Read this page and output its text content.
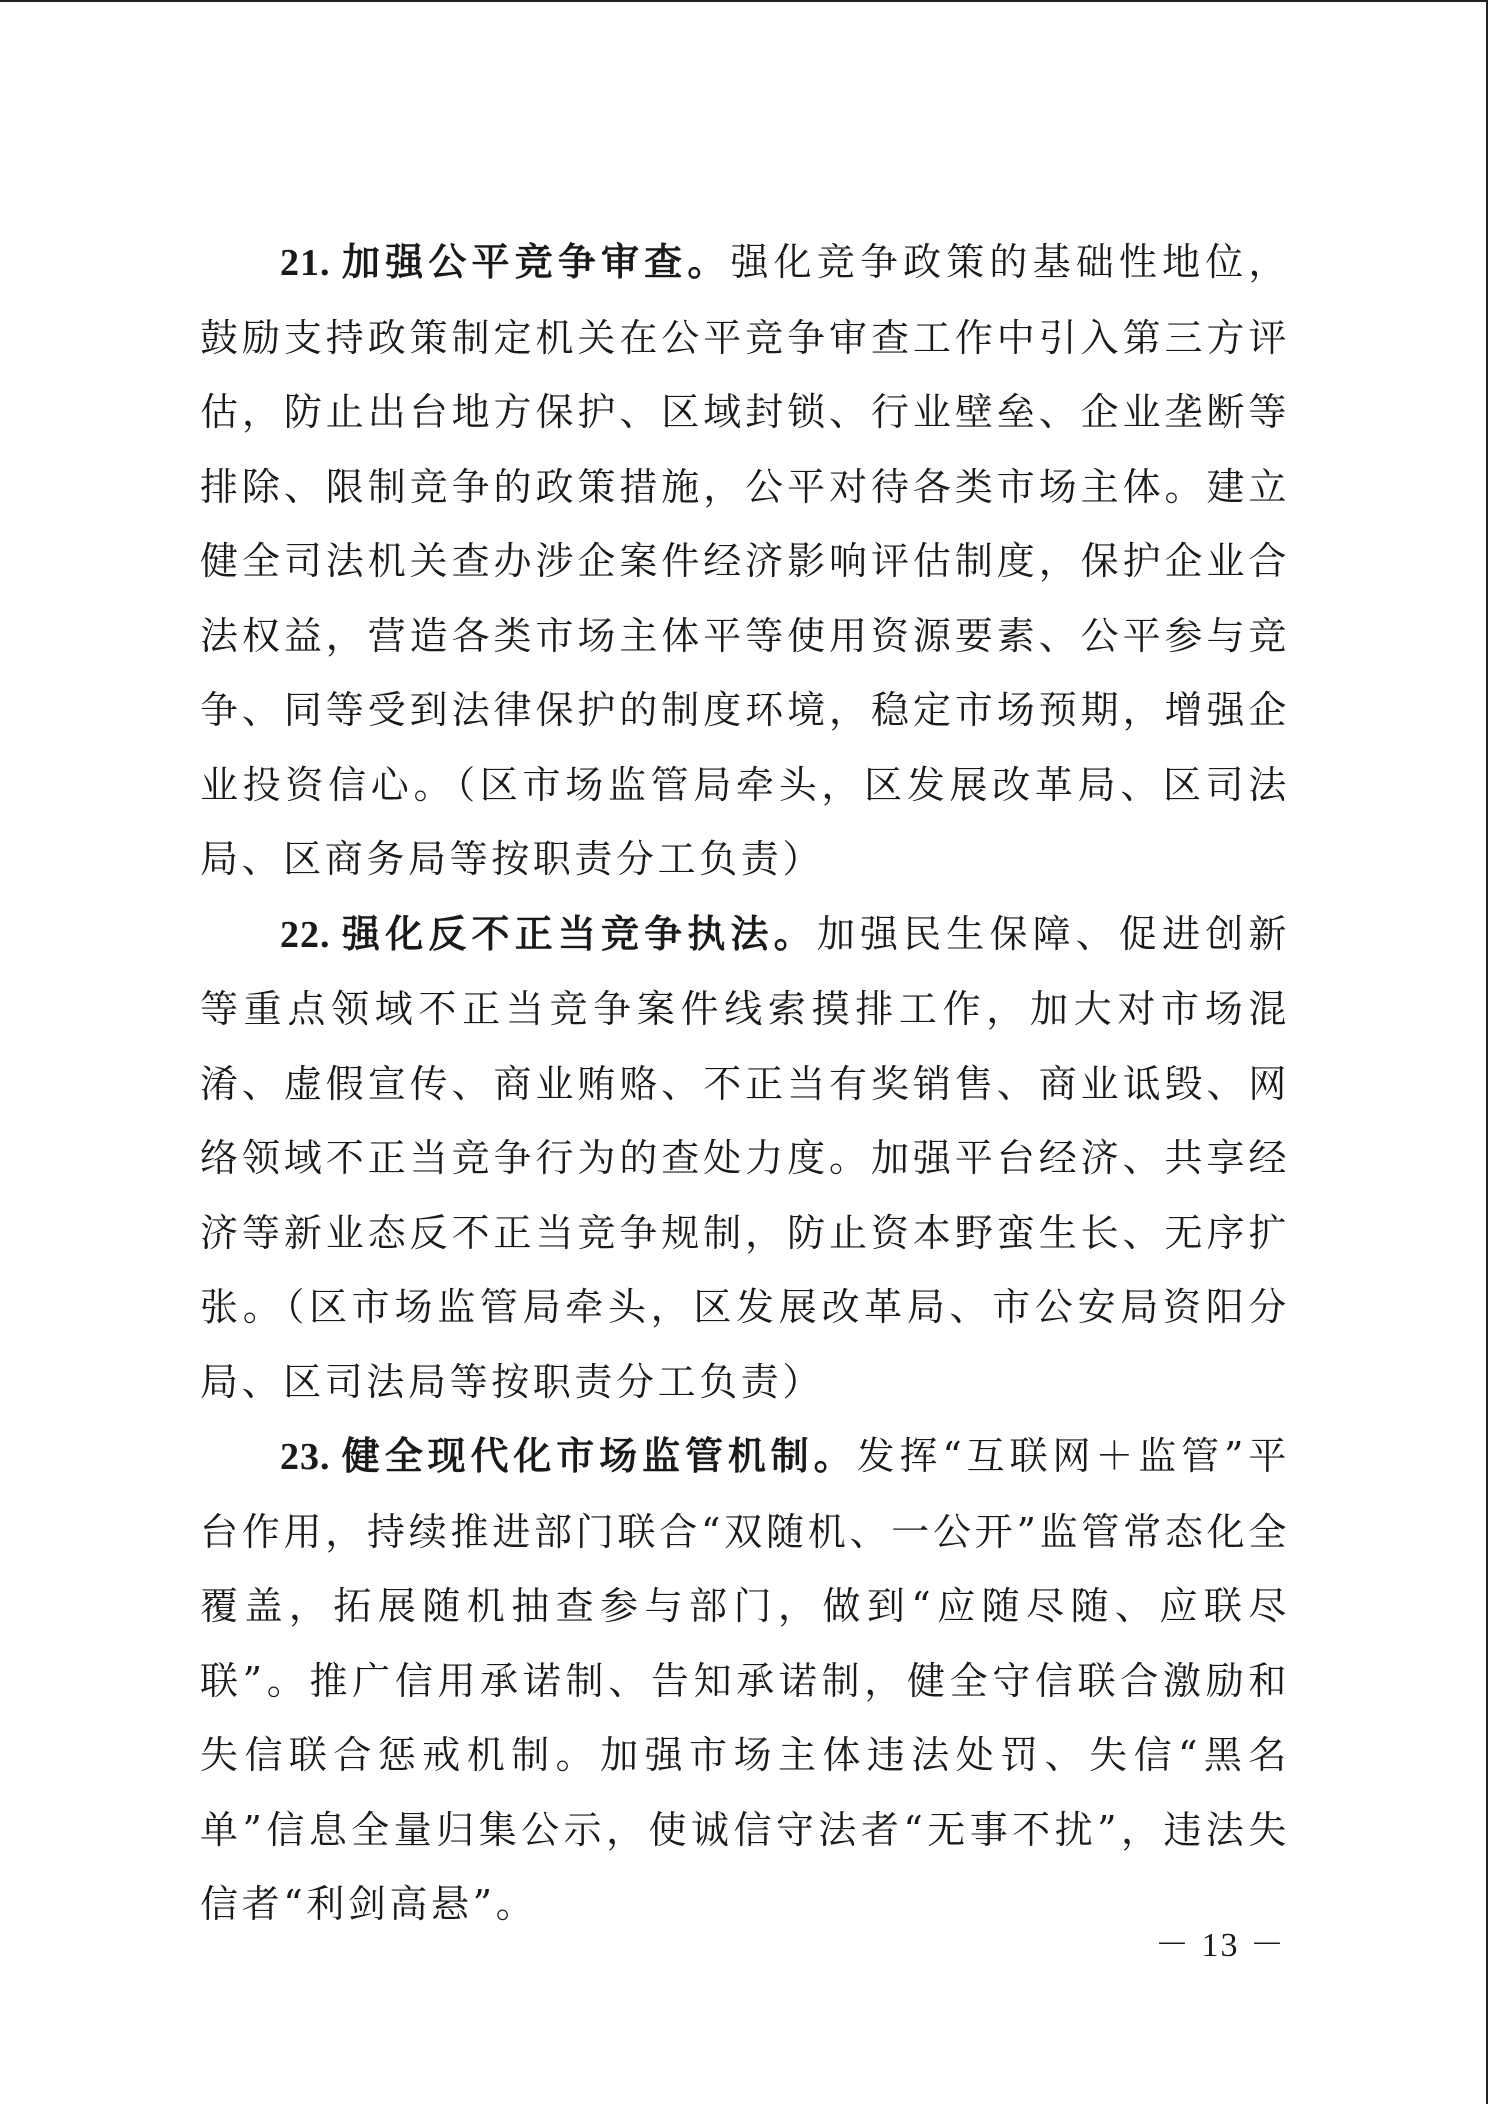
21. 加强公平竞争审查。强化竞争政策的基础性地位，鼓励支持政策制定机关在公平竞争审查工作中引入第三方评估，防止出台地方保护、区域封锁、行业壁垒、企业垄断等排除、限制竞争的政策措施，公平对待各类市场主体。建立健全司法机关查办涉企案件经济影响评估制度，保护企业合法权益，营造各类市场主体平等使用资源要素、公平参与竞争、同等受到法律保护的制度环境，稳定市场预期，增强企业投资信心。（区市场监管局牵头，区发展改革局、区司法局、区商务局等按职责分工负责）

22. 强化反不正当竞争执法。加强民生保障、促进创新等重点领域不正当竞争案件线索摸排工作，加大对市场混淆、虚假宣传、商业贿赂、不正当有奖销售、商业诋毁、网络领域不正当竞争行为的查处力度。加强平台经济、共享经济等新业态反不正当竞争规制，防止资本野蛮生长、无序扩张。（区市场监管局牵头，区发展改革局、市公安局资阳分局、区司法局等按职责分工负责）

23. 健全现代化市场监管机制。发挥“互联网＋监管”平台作用，持续推进部门联合“双随机、一公开”监管常态化全覆盖，拓展随机抽查参与部门，做到“应随尽随、应联尽联”。推广信用承诺制、告知承诺制，健全守信联合激励和失信联合惩戒机制。加强市场主体违法处罚、失信“黑名单”信息全量归集公示，使诚信守法者“无事不扰”，违法失信者“利剑高悬”。

－ 13 －
